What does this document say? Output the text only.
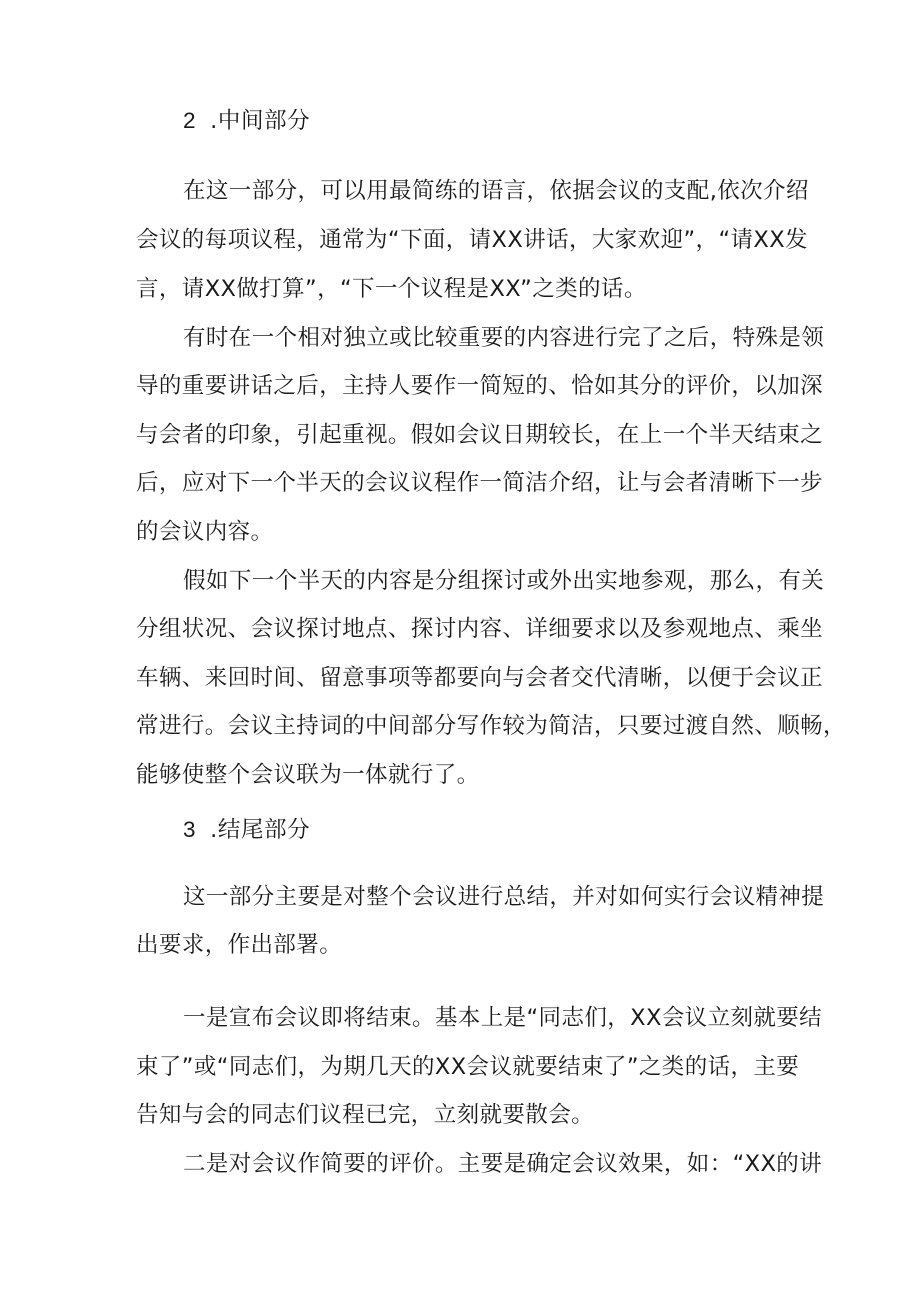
2 .中间部分
在这一部分，可以用最简练的语言，依据会议的支配,依次介绍
会议的每项议程，通常为“下面，请XX讲话，大家欢迎”，“请XX发
言，请XX做打算”，“下一个议程是XX”之类的话。
有时在一个相对独立或比较重要的内容进行完了之后，特殊是领
导的重要讲话之后，主持人要作一简短的、恰如其分的评价，以加深
与会者的印象，引起重视。假如会议日期较长，在上一个半天结束之
后，应对下一个半天的会议议程作一简洁介绍，让与会者清晰下一步
的会议内容。
假如下一个半天的内容是分组探讨或外出实地参观，那么，有关
分组状况、会议探讨地点、探讨内容、详细要求以及参观地点、乘坐
车辆、来回时间、留意事项等都要向与会者交代清晰，以便于会议正
常进行。会议主持词的中间部分写作较为简洁，只要过渡自然、顺畅，
能够使整个会议联为一体就行了。
3 .结尾部分
这一部分主要是对整个会议进行总结，并对如何实行会议精神提
出要求，作出部署。
一是宣布会议即将结束。基本上是“同志们，XX会议立刻就要结
束了”或“同志们，为期几天的XX会议就要结束了”之类的话，主要
告知与会的同志们议程已完，立刻就要散会。
二是对会议作简要的评价。主要是确定会议效果，如：“XX的讲
